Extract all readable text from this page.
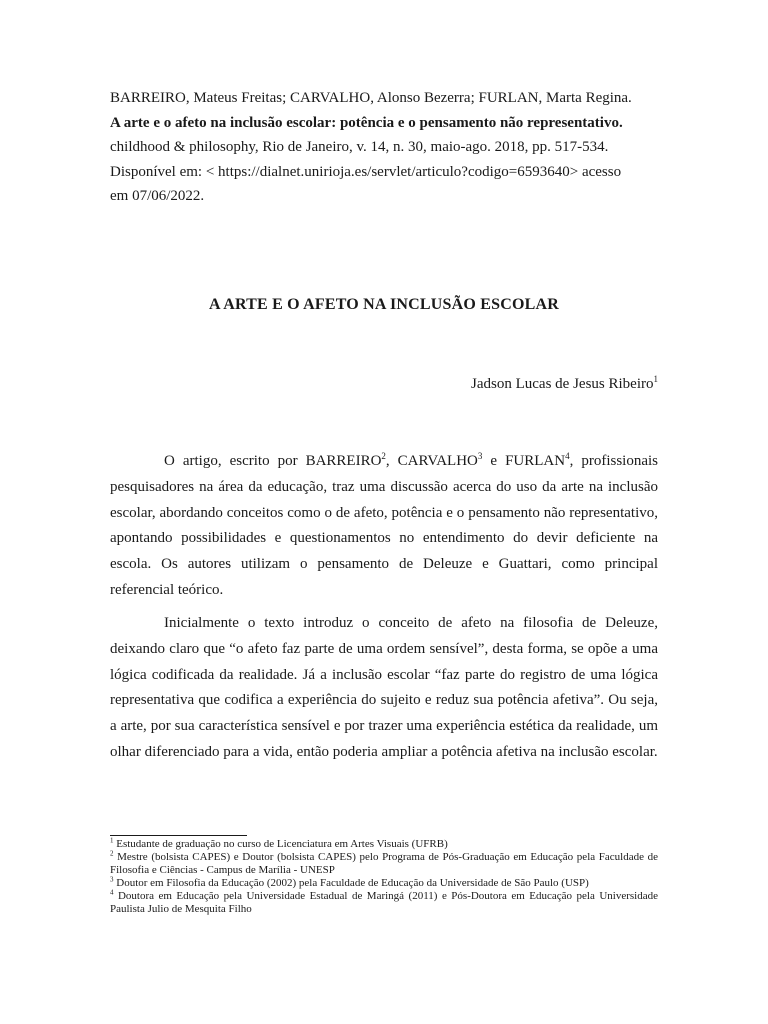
BARREIRO, Mateus Freitas; CARVALHO, Alonso Bezerra; FURLAN, Marta Regina.

A arte e o afeto na inclusão escolar: potência e o pensamento não representativo.

childhood & philosophy, Rio de Janeiro, v. 14, n. 30, maio-ago. 2018, pp. 517-534.

Disponível em: < https://dialnet.unirioja.es/servlet/articulo?codigo=6593640> acesso

em 07/06/2022.

A ARTE E O AFETO NA INCLUSÃO ESCOLAR
Jadson Lucas de Jesus Ribeiro$^1$

O artigo, escrito por BARREIRO$^2$, CARVALHO$^3$ e FURLAN$^4$, profissionais pesquisadores na área da educação, traz uma discussão acerca do uso da arte na inclusão escolar, abordando conceitos como o de afeto, potência e o pensamento não representativo, apontando possibilidades e questionamentos no entendimento do devir deficiente na escola. Os autores utilizam o pensamento de Deleuze e Guattari, como principal referencial teórico.

Inicialmente o texto introduz o conceito de afeto na filosofia de Deleuze, deixando claro que “o afeto faz parte de uma ordem sensível”, desta forma, se opõe a uma lógica codificada da realidade. Já a inclusão escolar “faz parte do registro de uma lógica representativa que codifica a experiência do sujeito e reduz sua potência afetiva”. Ou seja, a arte, por sua característica sensível e por trazer uma experiência estética da realidade, um olhar diferenciado para a vida, então poderia ampliar a potência afetiva na inclusão escolar.

$^1$ Estudante de graduação no curso de Licenciatura em Artes Visuais (UFRB)

$^2$ Mestre (bolsista CAPES) e Doutor (bolsista CAPES) pelo Programa de Pós-Graduação em Educação pela Faculdade de Filosofia e Ciências - Campus de Marília - UNESP

$^3$ Doutor em Filosofia da Educação (2002) pela Faculdade de Educação da Universidade de São Paulo (USP)

$^4$ Doutora em Educação pela Universidade Estadual de Maringá (2011) e Pós-Doutora em Educação pela Universidade Paulista Julio de Mesquita Filho
